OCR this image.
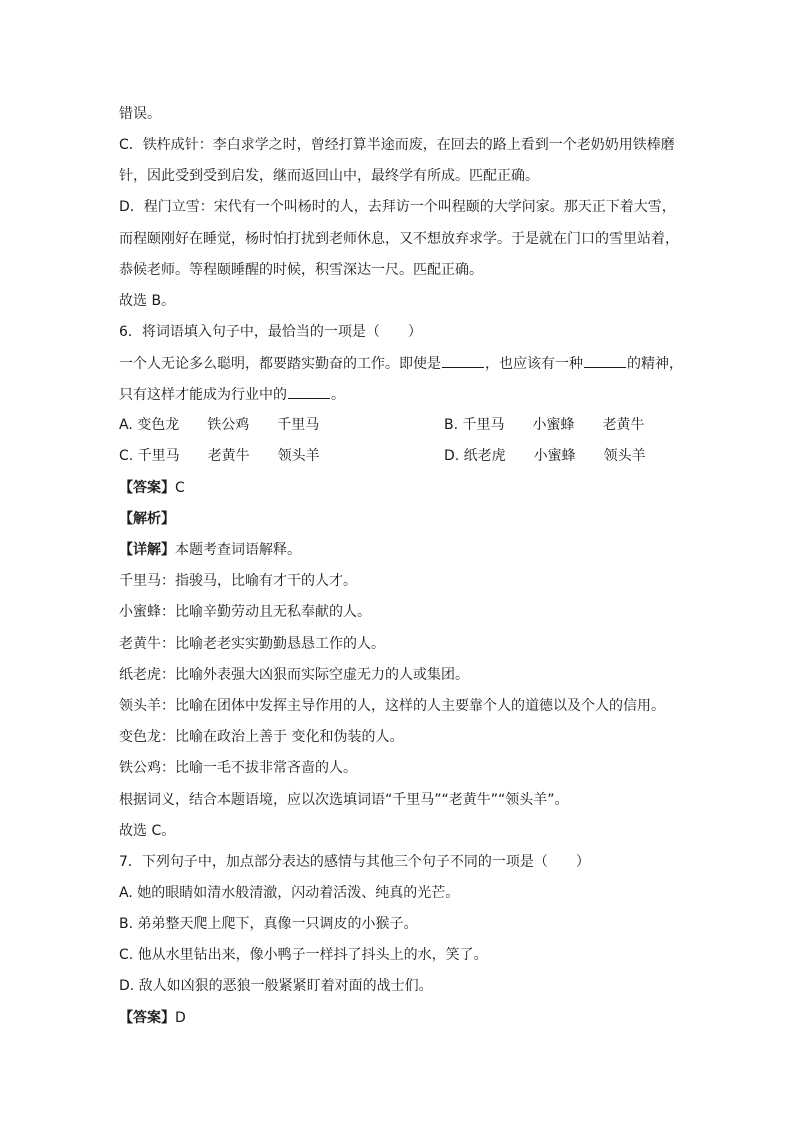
错误。
C．铁杵成针：李白求学之时，曾经打算半途而废，在回去的路上看到一个老奶奶用铁棒磨
针，因此受到受到启发，继而返回山中，最终学有所成。匹配正确。
D．程门立雪：宋代有一个叫杨时的人，去拜访一个叫程颐的大学问家。那天正下着大雪，
而程颐刚好在睡觉，杨时怕打扰到老师休息，又不想放弃求学。于是就在门口的雪里站着，
恭候老师。等程颐睡醒的时候，积雪深达一尺。匹配正确。
故选 B。
6．将词语填入句子中，最恰当的一项是（　　）
一个人无论多么聪明，都要踏实勤奋的工作。即使是	，也应该有一种	的精神，
只有这样才能成为行业中的	。
A. 变色龙　　铁公鸡　　千里马	B. 千里马　　小蜜蜂　　老黄牛
C. 千里马　　老黄牛　　领头羊	D. 纸老虎　　小蜜蜂　　领头羊
【答案】C
【解析】
【详解】本题考查词语解释。
千里马：指骏马，比喻有才干的人才。
小蜜蜂：比喻辛勤劳动且无私奉献的人。
老黄牛：比喻老老实实勤勤恳恳工作的人。
纸老虎：比喻外表强大凶狠而实际空虚无力的人或集团。
领头羊：比喻在团体中发挥主导作用的人，这样的人主要靠个人的道德以及个人的信用。
变色龙：比喻在政治上善于 变化和伪装的人。
铁公鸡：比喻一毛不拔非常吝啬的人。
根据词义，结合本题语境，应以次选填词语“千里马”“老黄牛”“领头羊”。
故选 C。
7．下列句子中，加点部分表达的感情与其他三个句子不同的一项是（　　）
A. 她的眼睛如清水般清澈，闪动着活泼、纯真的光芒。
B. 弟弟整天爬上爬下，真像一只调皮的小猴子。
C. 他从水里钻出来，像小鸭子一样抖了抖头上的水，笑了。
D. 敌人如凶狠的恶狼一般紧紧盯着对面的战士们。
【答案】D
